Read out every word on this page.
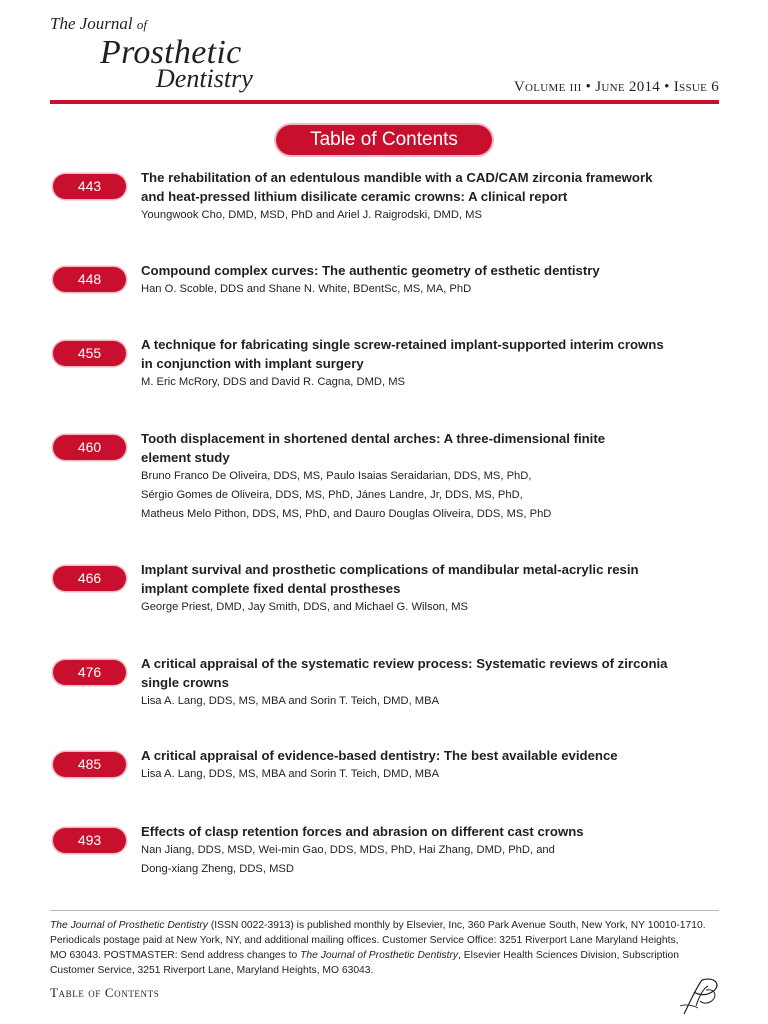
The Journal of
Prosthetic
Dentistry	Volume iii • June 2014 • Issue 6
Table of Contents
443

The rehabilitation of an edentulous mandible with a CAD/CAM zirconia framework
and heat-pressed lithium disilicate ceramic crowns: A clinical report

Youngwook Cho, DMD, MSD, PhD and Ariel J. Raigrodski, DMD, MS

448

Compound complex curves: The authentic geometry of esthetic dentistry

Han O. Scoble, DDS and Shane N. White, BDentSc, MS, MA, PhD

455

A technique for fabricating single screw-retained implant-supported interim crowns
in conjunction with implant surgery

M. Eric McRory, DDS and David R. Cagna, DMD, MS

460

Tooth displacement in shortened dental arches: A three-dimensional finite
element study

Bruno Franco De Oliveira, DDS, MS, Paulo Isaias Seraidarian, DDS, MS, PhD,
Sérgio Gomes de Oliveira, DDS, MS, PhD, Jánes Landre, Jr, DDS, MS, PhD,
Matheus Melo Pithon, DDS, MS, PhD, and Dauro Douglas Oliveira, DDS, MS, PhD

466

Implant survival and prosthetic complications of mandibular metal-acrylic resin
implant complete fixed dental prostheses

George Priest, DMD, Jay Smith, DDS, and Michael G. Wilson, MS

476

A critical appraisal of the systematic review process: Systematic reviews of zirconia
single crowns

Lisa A. Lang, DDS, MS, MBA and Sorin T. Teich, DMD, MBA

485

A critical appraisal of evidence-based dentistry: The best available evidence

Lisa A. Lang, DDS, MS, MBA and Sorin T. Teich, DMD, MBA

493

Effects of clasp retention forces and abrasion on different cast crowns

Nan Jiang, DDS, MSD, Wei-min Gao, DDS, MDS, PhD, Hai Zhang, DMD, PhD, and
Dong-xiang Zheng, DDS, MSD

The Journal of Prosthetic Dentistry (ISSN 0022-3913) is published monthly by Elsevier, Inc, 360 Park Avenue South, New York, NY 10010-1710.
Periodicals postage paid at New York, NY, and additional mailing offices. Customer Service Office: 3251 Riverport Lane Maryland Heights,
MO 63043. POSTMASTER: Send address changes to The Journal of Prosthetic Dentistry, Elsevier Health Sciences Division, Subscription
Customer Service, 3251 Riverport Lane, Maryland Heights, MO 63043.
Table of Contents
